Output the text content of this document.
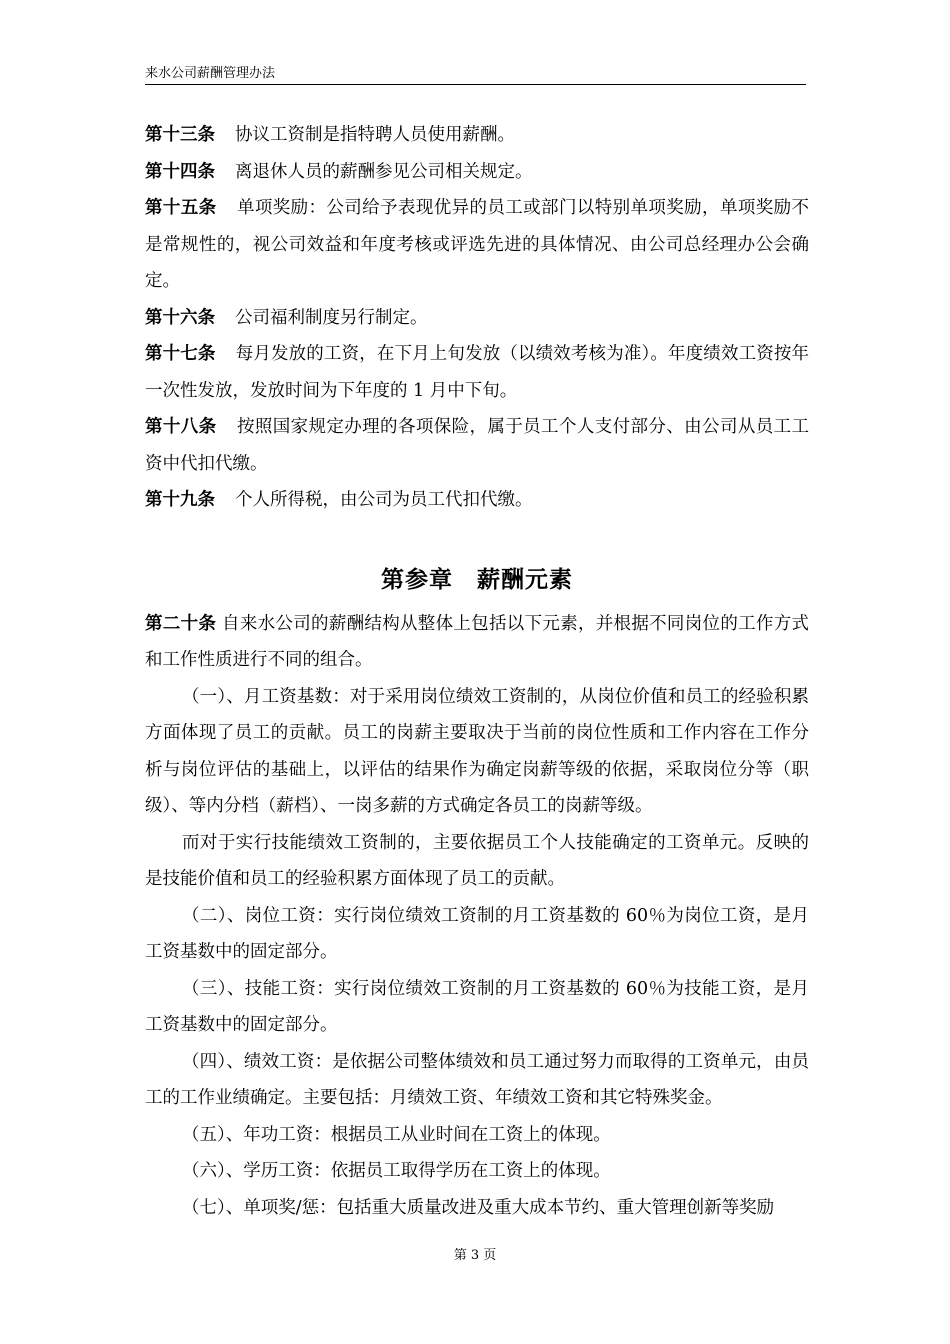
来水公司薪酬管理办法

第十三条 协议工资制是指特聘人员使用薪酬。

第十四条 离退休人员的薪酬参见公司相关规定。

第十五条 单项奖励：公司给予表现优异的员工或部门以特别单项奖励，单项奖励不是常规性的，视公司效益和年度考核或评选先进的具体情况、由公司总经理办公会确定。

第十六条 公司福利制度另行制定。

第十七条 每月发放的工资，在下月上旬发放（以绩效考核为准）。年度绩效工资按年一次性发放，发放时间为下年度的 1 月中下旬。

第十八条 按照国家规定办理的各项保险，属于员工个人支付部分、由公司从员工工资中代扣代缴。

第十九条 个人所得税，由公司为员工代扣代缴。

第参章　薪酬元素

第二十条 自来水公司的薪酬结构从整体上包括以下元素，并根据不同岗位的工作方式和工作性质进行不同的组合。

（一）、月工资基数：对于采用岗位绩效工资制的，从岗位价值和员工的经验积累方面体现了员工的贡献。员工的岗薪主要取决于当前的岗位性质和工作内容在工作分析与岗位评估的基础上，以评估的结果作为确定岗薪等级的依据，采取岗位分等（职级）、等内分档（薪档）、一岗多薪的方式确定各员工的岗薪等级。

而对于实行技能绩效工资制的，主要依据员工个人技能确定的工资单元。反映的是技能价值和员工的经验积累方面体现了员工的贡献。

（二）、岗位工资：实行岗位绩效工资制的月工资基数的 60％为岗位工资，是月工资基数中的固定部分。

（三）、技能工资：实行岗位绩效工资制的月工资基数的 60％为技能工资，是月工资基数中的固定部分。

（四）、绩效工资：是依据公司整体绩效和员工通过努力而取得的工资单元，由员工的工作业绩确定。主要包括：月绩效工资、年绩效工资和其它特殊奖金。

（五）、年功工资：根据员工从业时间在工资上的体现。

（六）、学历工资：依据员工取得学历在工资上的体现。

（七）、单项奖/惩：包括重大质量改进及重大成本节约、重大管理创新等奖励

第 3 页
